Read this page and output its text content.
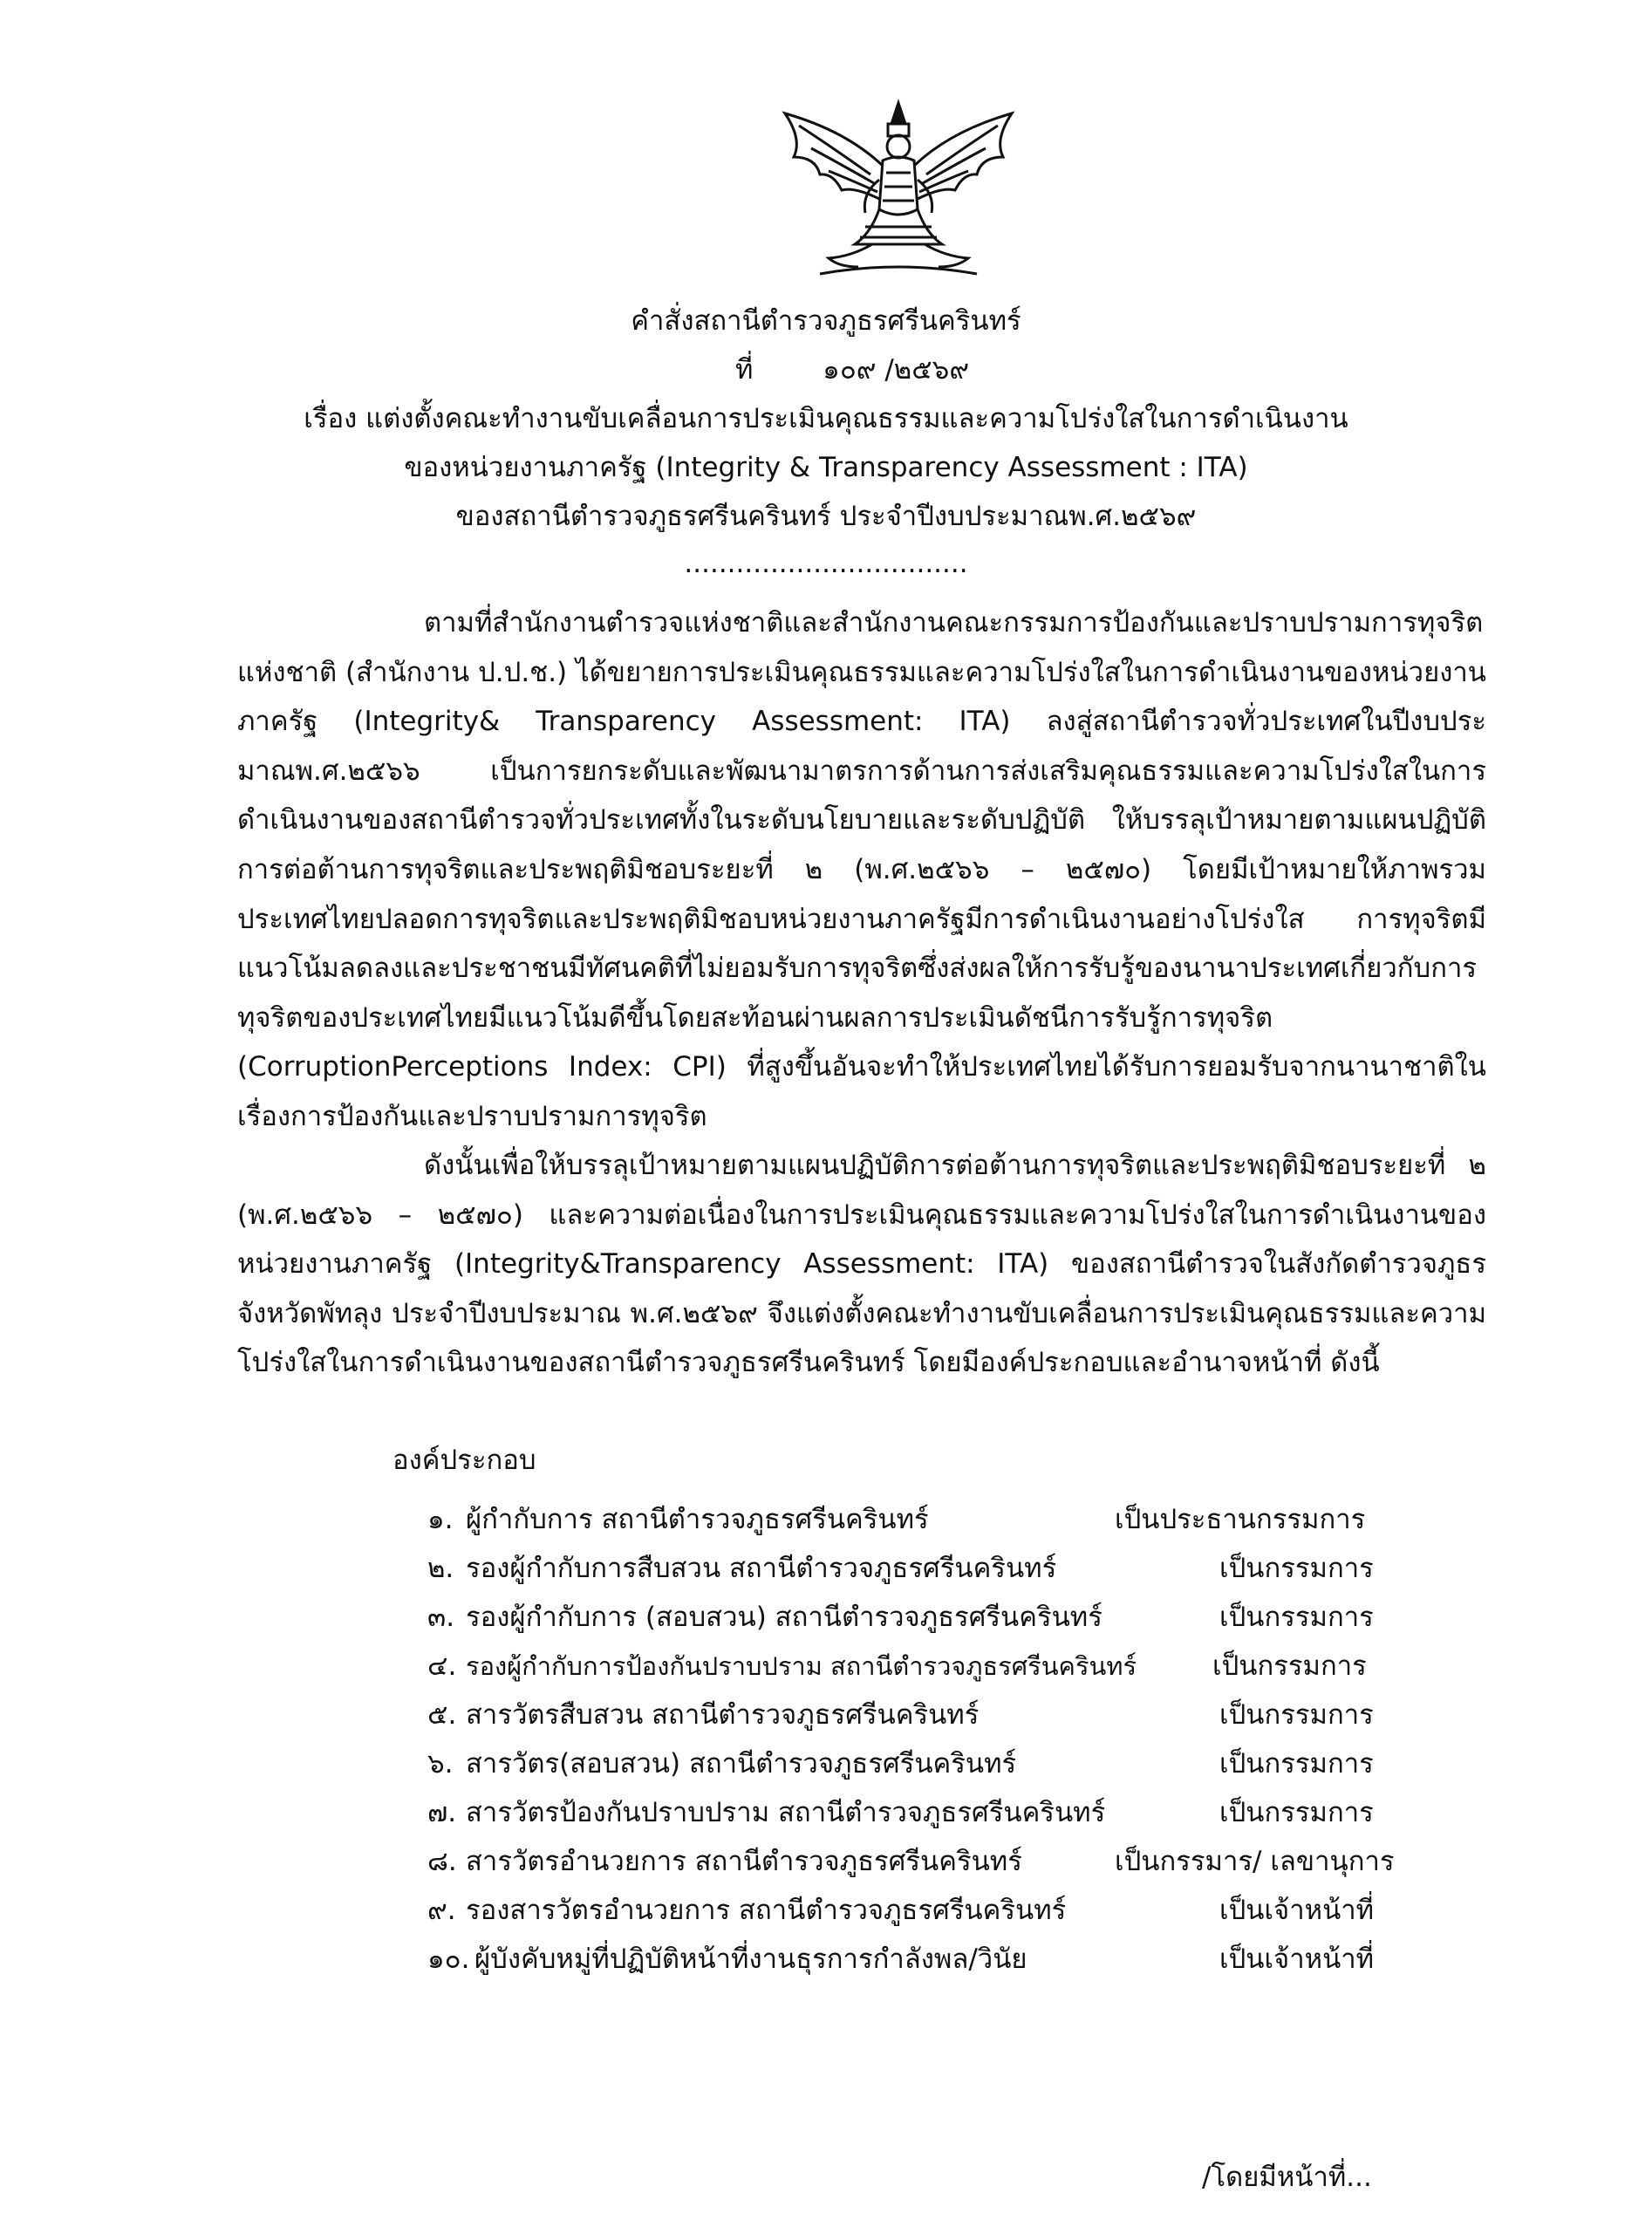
คำสั่งสถานีตำรวจภูธรศรีนครินทร์
ที่	๑๐๙ /๒๕๖๙
เรื่อง แต่งตั้งคณะทำงานขับเคลื่อนการประเมินคุณธรรมและความโปร่งใสในการดำเนินงาน
ของหน่วยงานภาครัฐ (Integrity & Transparency Assessment : ITA)
ของสถานีตำรวจภูธรศรีนครินทร์ ประจำปีงบประมาณพ.ศ.๒๕๖๙
.................................

ตามที่สำนักงานตำรวจแห่งชาติและสำนักงานคณะกรรมการป้องกันและปราบปรามการทุจริตแห่งชาติ (สำนักงาน ป.ป.ช.) ได้ขยายการประเมินคุณธรรมและความโปร่งใสในการดำเนินงานของหน่วยงานภาครัฐ (Integrity& Transparency Assessment: ITA) ลงสู่สถานีตำรวจทั่วประเทศในปีงบประมาณพ.ศ.๒๕๖๖ เป็นการยกระดับและพัฒนามาตรการด้านการส่งเสริมคุณธรรมและความโปร่งใสในการดำเนินงานของสถานีตำรวจทั่วประเทศทั้งในระดับนโยบายและระดับปฏิบัติ ให้บรรลุเป้าหมายตามแผนปฏิบัติการต่อต้านการทุจริตและประพฤติมิชอบระยะที่ ๒ (พ.ศ.๒๕๖๖ – ๒๕๗๐) โดยมีเป้าหมายให้ภาพรวมประเทศไทยปลอดการทุจริตและประพฤติมิชอบหน่วยงานภาครัฐมีการดำเนินงานอย่างโปร่งใส การทุจริตมีแนวโน้มลดลงและประชาชนมีทัศนคติที่ไม่ยอมรับการทุจริตซึ่งส่งผลให้การรับรู้ของนานาประเทศเกี่ยวกับการทุจริตของประเทศไทยมีแนวโน้มดีขึ้นโดยสะท้อนผ่านผลการประเมินดัชนีการรับรู้การทุจริต (CorruptionPerceptions Index: CPI) ที่สูงขึ้นอันจะทำให้ประเทศไทยได้รับการยอมรับจากนานาชาติในเรื่องการป้องกันและปราบปรามการทุจริต

ดังนั้นเพื่อให้บรรลุเป้าหมายตามแผนปฏิบัติการต่อต้านการทุจริตและประพฤติมิชอบระยะที่ ๒ (พ.ศ.๒๕๖๖ – ๒๕๗๐) และความต่อเนื่องในการประเมินคุณธรรมและความโปร่งใสในการดำเนินงานของหน่วยงานภาครัฐ (Integrity&Transparency Assessment: ITA) ของสถานีตำรวจในสังกัดตำรวจภูธรจังหวัดพัทลุง ประจำปีงบประมาณ พ.ศ.๒๕๖๙ จึงแต่งตั้งคณะทำงานขับเคลื่อนการประเมินคุณธรรมและความโปร่งใสในการดำเนินงานของสถานีตำรวจภูธรศรีนครินทร์ โดยมีองค์ประกอบและอำนาจหน้าที่ ดังนี้

องค์ประกอบ
๑. ผู้กำกับการ สถานีตำรวจภูธรศรีนครินทร์	เป็นประธานกรรมการ
๒. รองผู้กำกับการสืบสวน สถานีตำรวจภูธรศรีนครินทร์	เป็นกรรมการ
๓. รองผู้กำกับการ (สอบสวน) สถานีตำรวจภูธรศรีนครินทร์	เป็นกรรมการ
๔. รองผู้กำกับการป้องกันปราบปราม สถานีตำรวจภูธรศรีนครินทร์	เป็นกรรมการ
๕. สารวัตรสืบสวน สถานีตำรวจภูธรศรีนครินทร์	เป็นกรรมการ
๖. สารวัตร(สอบสวน) สถานีตำรวจภูธรศรีนครินทร์	เป็นกรรมการ
๗. สารวัตรป้องกันปราบปราม สถานีตำรวจภูธรศรีนครินทร์	เป็นกรรมการ
๘. สารวัตรอำนวยการ สถานีตำรวจภูธรศรีนครินทร์	เป็นกรรมาร/ เลขานุการ
๙. รองสารวัตรอำนวยการ สถานีตำรวจภูธรศรีนครินทร์	เป็นเจ้าหน้าที่
๑๐. ผู้บังคับหมู่ที่ปฏิบัติหน้าที่งานธุรการกำลังพล/วินัย	เป็นเจ้าหน้าที่
/โดยมีหน้าที่...
